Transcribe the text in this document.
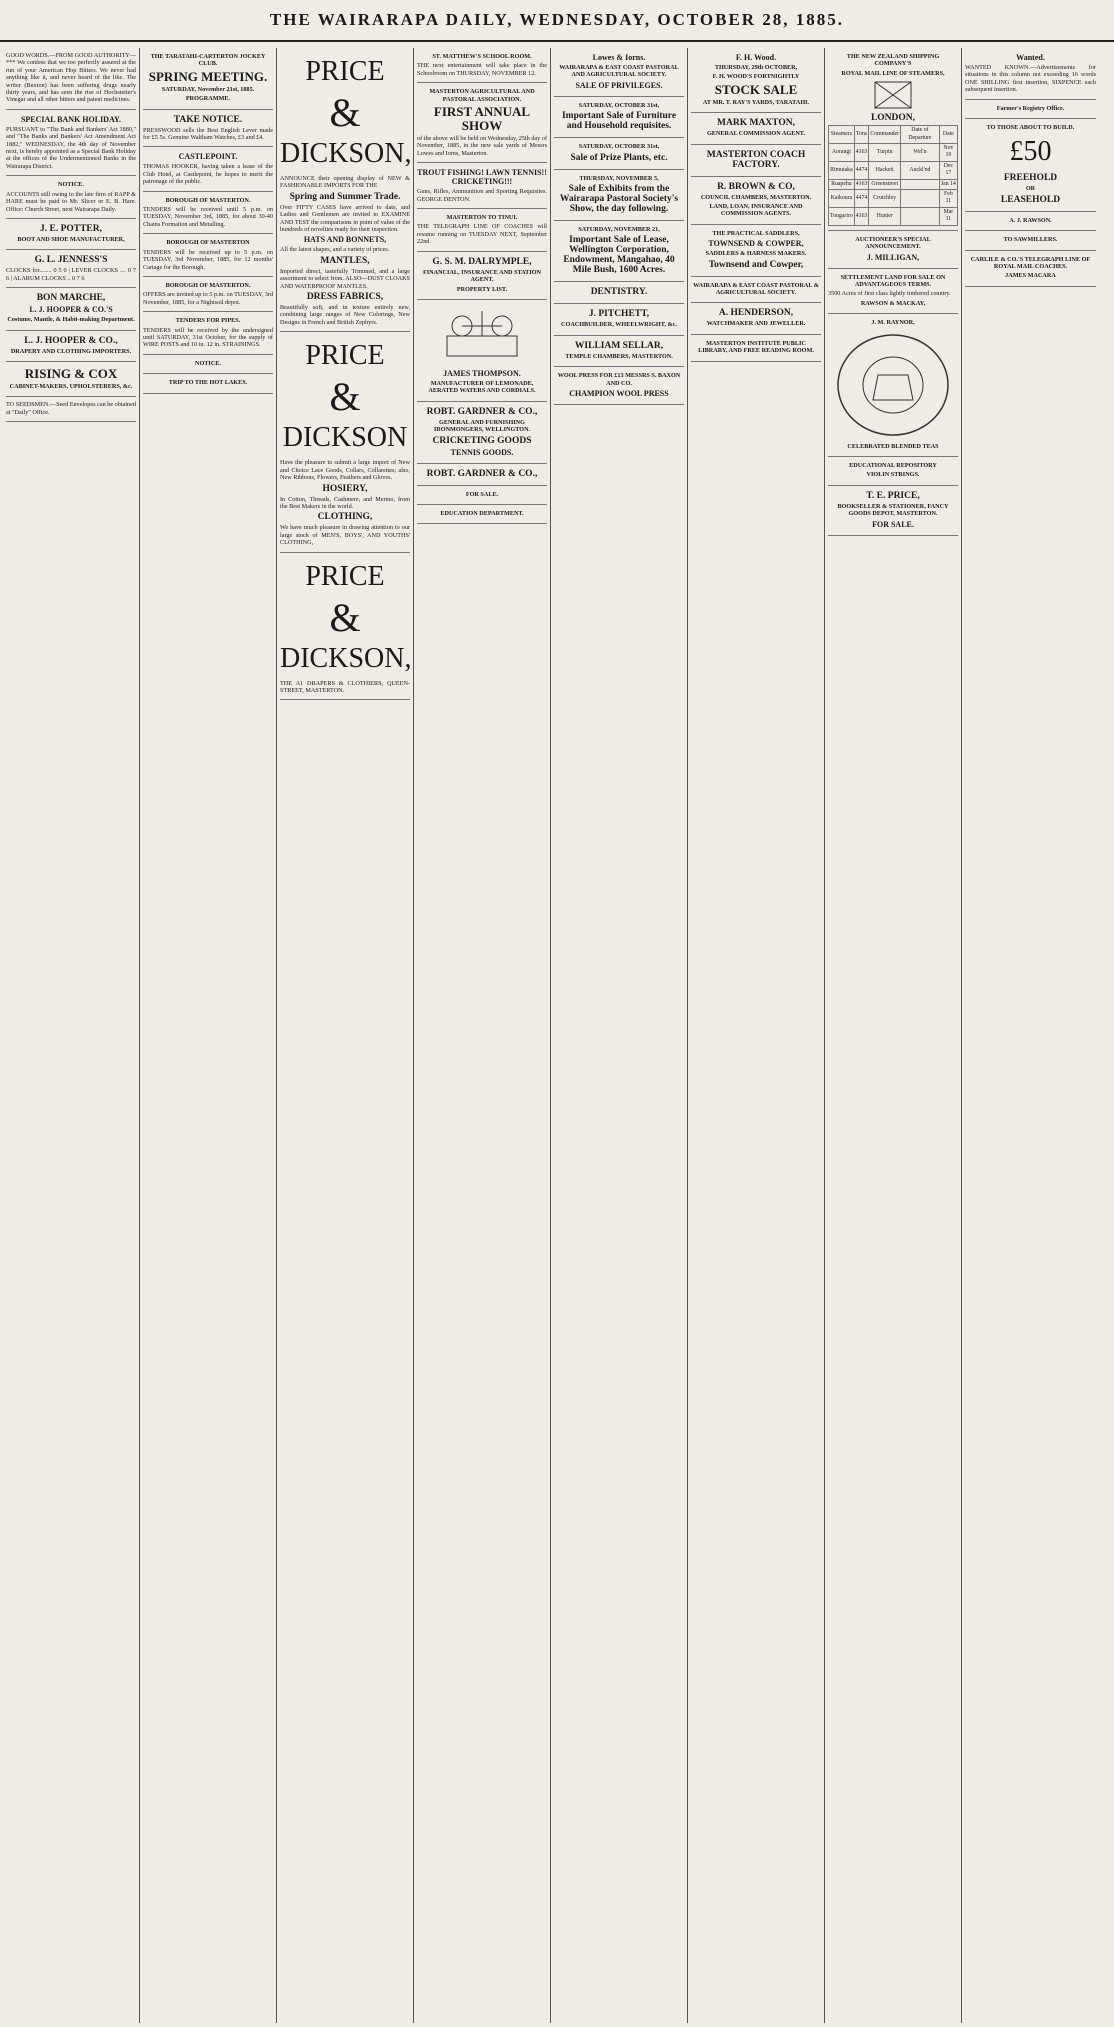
THE WAIRARAPA DAILY, WEDNESDAY, OCTOBER 28, 1885.

GOOD WORDS.—FROM GOOD AUTHORITY—*** We confess that we too perfectly assured at the run of your American Hop Bitters. We never had anything like it, and never heard of the like. The writer (Buxton) has been suffering drugs nearly thirty years, and has seen the rise of Hochstetter's Vinegar and all other bitters and patent medicines.

SPECIAL BANK HOLIDAY.

PURSUANT to "The Bank and Bankers' Act 1880," and "The Banks and Bankers' Act Amendment Act 1882," WEDNESDAY, the 4th day of November next, is hereby appointed as a Special Bank Holiday at the offices of the Undermentioned Banks in the Wairarapa District.

NOTICE.

ACCOUNTS still owing to the late firm of RAPP & HARE must be paid to Mr. Slicer or E. B. Hare. Office: Church Street, next Wairarapa Daily.

J. E. POTTER,
BOOT AND SHOE MANUFACTURER,
G. L. JENNESS'S

CLOCKS for........ 0 5 0 | LEVER CLOCKS .... 0 7 6 | ALARUM CLOCKS .. 0 7 6

BON MARCHE,
L. J. HOOPER & CO.'S
Costume, Mantle, & Habit-making Department.
L. J. HOOPER & CO.,
DRAPERY AND CLOTHING IMPORTERS.
RISING & COX
CABINET-MAKERS, UPHOLSTERERS, &c.

TO SEEDSMEN.—Seed Envelopes can be obtained at "Daily" Office.

THE TARATAHI-CARTERTON JOCKEY CLUB.
SPRING MEETING.
SATURDAY, November 21st, 1885.
PROGRAMME.
TAKE NOTICE.

PRESSWOOD sells the Best English Lever made for £5 5s. Genuine Waltham Watches, £3 and £4.

CASTLEPOINT.

THOMAS HOOKER, having taken a lease of the Club Hotel, at Castlepoint, he hopes to merit the patronage of the public.

BOROUGH OF MASTERTON.

TENDERS will be received until 5 p.m. on TUESDAY, November 3rd, 1885, for about 30-40 Chains Formation and Metalling.

BOROUGH OF MASTERTON

TENDERS will be received up to 5 p.m. on TUESDAY, 3rd November, 1885, for 12 months' Cartage for the Borough.

BOROUGH OF MASTERTON.

OFFERS are invited up to 5 p.m. on TUESDAY, 3rd November, 1885, for a Nightsoil depot.

TENDERS FOR PIPES.

TENDERS will be received by the undersigned until SATURDAY, 31st October, for the supply of WIRE POSTS and 10 in. 12 in. STRAININGS.

NOTICE.
TRIP TO THE HOT LAKES.
PRICE
&
DICKSON,

ANNOUNCE their opening display of NEW & FASHIONABLE IMPORTS FOR THE

Spring and Summer Trade.

Over FIFTY CASES have arrived to date, and Ladies and Gentlemen are invited to EXAMINE AND TEST the comparisons in point of value of the hundreds of novelties ready for their inspection.

HATS AND BONNETS,

All the latest shapes, and a variety of prices.

MANTLES,

Imported direct, tastefully Trimmed, and a large assortment to select from. ALSO—DUST CLOAKS AND WATERPROOF MANTLES.

DRESS FABRICS,

Beautifully soft, and in texture entirely new, combining large ranges of New Colorings, New Designs in French and British Zephyrs.

PRICE
&
DICKSON

Have the pleasure to submit a large import of New and Choice Lace Goods, Collars, Collarettes; also, New Ribbons, Flowers, Feathers and Gloves.

HOSIERY,

In Cotton, Threads, Cashmere, and Merino, from the Best Makers in the world.

CLOTHING,

We have much pleasure in drawing attention to our large stock of MEN'S, BOYS', AND YOUTHS' CLOTHING,

PRICE
&
DICKSON,

THE A1 DRAPERS & CLOTHIERS, QUEEN-STREET, MASTERTON.

ST. MATTHEW'S SCHOOL ROOM.

THE next entertainment will take place in the Schoolroom on THURSDAY, NOVEMBER 12.

MASTERTON AGRICULTURAL AND PASTORAL ASSOCIATION.
FIRST ANNUAL SHOW

of the above will be held on Wednesday, 25th day of November, 1885, in the new sale yards of Messrs Lowes and Iorns, Masterton.

TROUT FISHING! LAWN TENNIS!! CRICKETING!!!

Guns, Rifles, Ammunition and Sporting Requisites. GEORGE DENTON.

MASTERTON TO TINUI.

THE TELEGRAPH LINE OF COACHES will resume running on TUESDAY NEXT, September 22nd.

G. S. M. DALRYMPLE,
FINANCIAL, INSURANCE AND STATION AGENT.
PROPERTY LIST.
JAMES THOMPSON.
MANUFACTURER OF LEMONADE, AERATED WATERS AND CORDIALS.
ROBT. GARDNER & CO.,
GENERAL AND FURNISHING IRONMONGERS, WELLINGTON.
CRICKETING GOODS
TENNIS GOODS.
ROBT. GARDNER & CO.,
FOR SALE.
EDUCATION DEPARTMENT.
Lowes & Iorns.
WAIRARAPA & EAST COAST PASTORAL AND AGRICULTURAL SOCIETY.
SALE OF PRIVILEGES.
SATURDAY, OCTOBER 31st,
Important Sale of Furniture and Household requisites.
SATURDAY, OCTOBER 31st,
Sale of Prize Plants, etc.
THURSDAY, NOVEMBER 5,
Sale of Exhibits from the Wairarapa Pastoral Society's Show, the day following.
SATURDAY, NOVEMBER 21,
Important Sale of Lease, Wellington Corporation, Endowment, Mangahao, 40 Mile Bush, 1600 Acres.
DENTISTRY.
J. PITCHETT,
COACHBUILDER, WHEELWRIGHT, &c.
WILLIAM SELLAR,
TEMPLE CHAMBERS, MASTERTON.
WOOL PRESS FOR £13 MESSRS S. BAXON AND CO.
CHAMPION WOOL PRESS
F. H. Wood.
THURSDAY, 29th OCTOBER,
F. H. WOOD'S FORTNIGHTLY
STOCK SALE
AT MR. T. RAY'S YARDS, TARATAHI.
MARK MAXTON,
GENERAL COMMISSION AGENT.
MASTERTON COACH FACTORY.
R. BROWN & CO,
COUNCIL CHAMBERS, MASTERTON.
LAND, LOAN, INSURANCE AND COMMISSION AGENTS.
THE PRACTICAL SADDLERS,
TOWNSEND & COWPER,
SADDLERS & HARNESS MAKERS.
Townsend and Cowper,
WAIRARAPA & EAST COAST PASTORAL & AGRICULTURAL SOCIETY.
A. HENDERSON,
WATCHMAKER AND JEWELLER.
MASTERTON INSTITUTE PUBLIC LIBRARY, AND FREE READING ROOM.
THE NEW ZEALAND SHIPPING COMPANY'S
ROYAL MAIL LINE OF STEAMERS,
LONDON,
Steamers	Tons	Commander	Date of Departure	Date
Aorangi	4163	Turpin	Wel'n	Nov 19
Rimutaka	4474	Hackett	Auckl'nd	Dec 17
Ruapehu	4163	Greenstreet		Jan 14
Kaikoura	4474	Crutchley		Feb 11
Tongariro	4163	Hunter		Mar 11
AUCTIONEER'S SPECIAL ANNOUNCEMENT.
J. MILLIGAN,
SETTLEMENT LAND FOR SALE ON ADVANTAGEOUS TERMS.

3500 Acres of first class lightly timbered country.

RAWSON & MACKAY,
J. M. RAYNOR,
CELEBRATED BLENDED TEAS
EDUCATIONAL REPOSITORY
VIOLIN STRINGS.
T. E. PRICE,
BOOKSELLER & STATIONER, FANCY GOODS DEPOT, MASTERTON.
FOR SALE.
Wanted.

WANTED KNOWN.—Advertisements for situations in this column not exceeding 16 words ONE SHILLING first insertion, SIXPENCE each subsequent insertion.

Farmer's Registry Office.
TO THOSE ABOUT TO BUILD.
£50
FREEHOLD
OR
LEASEHOLD
A. J. RAWSON.
TO SAWMILLERS.
CARLILE & CO.'S TELEGRAPH LINE OF ROYAL MAIL COACHES.
JAMES MACARA
